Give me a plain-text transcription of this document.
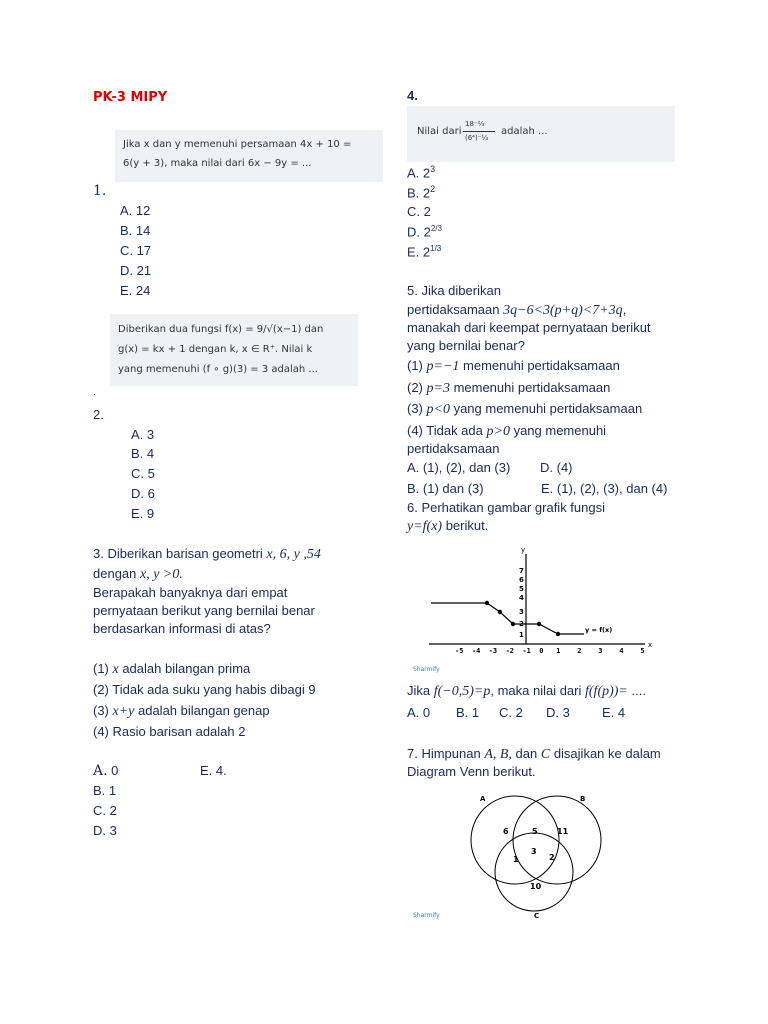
PK-3 MIPY
Jika x dan y memenuhi persamaan 4x + 10 =
6(y + 3), maka nilai dari 6x − 9y = ...
1.
A. 12
B. 14
C. 17
D. 21
E. 24
Diberikan dua fungsi f(x) = 9/√(x−1) dan
g(x) = kx + 1 dengan k, x ∈ R⁺. Nilai k
yang memenuhi (f ∘ g)(3) = 3 adalah ...
.
2.
A. 3
B. 4
C. 5
D. 6
E. 9
3. Diberikan barisan geometri x, 6, y ,54
dengan x, y >0.
Berapakah banyaknya dari empat
pernyataan berikut yang bernilai benar
berdasarkan informasi di atas?
(1) x adalah bilangan prima
(2) Tidak ada suku yang habis dibagi 9
(3) x+y adalah bilangan genap
(4) Rasio barisan adalah 2
A. 0	E. 4.
B. 1
C. 2
D. 3
4.
Nilai dari
18⁻⅔
(6⁴)⁻⅓
adalah ...
A. $2^3$
B. $2^2$
C. 2
D. $2^{2/3}$
E. $2^{1/3}$
5. Jika diberikan
pertidaksamaan 3q−6<3(p+q)<7+3q,
manakah dari keempat pernyataan berikut
yang bernilai benar?
(1) p=−1 memenuhi pertidaksamaan
(2) p=3 memenuhi pertidaksamaan
(3) p<0 yang memenuhi pertidaksamaan
(4) Tidak ada p>0 yang memenuhi
pertidaksamaan
A. (1), (2), dan (3) D. (4)
B. (1) dan (3)	E. (1), (2), (3), dan (4)
6. Perhatikan gambar grafik fungsi
y=f(x) berikut.
y
x
y = f(x)
7
6
5
4
3
2
1
-5  -4  -3  -2  -1  0   1    2    3    4    5
Sharmify
Jika f(−0,5)=p, maka nilai dari f(f(p))= ....
A. 0 B. 1 C. 2 D. 3 E. 4
7. Himpunan A, B, dan C disajikan ke dalam
Diagram Venn berikut.
A	B
C
6	5 11
3
1	2
10
Sharmify
